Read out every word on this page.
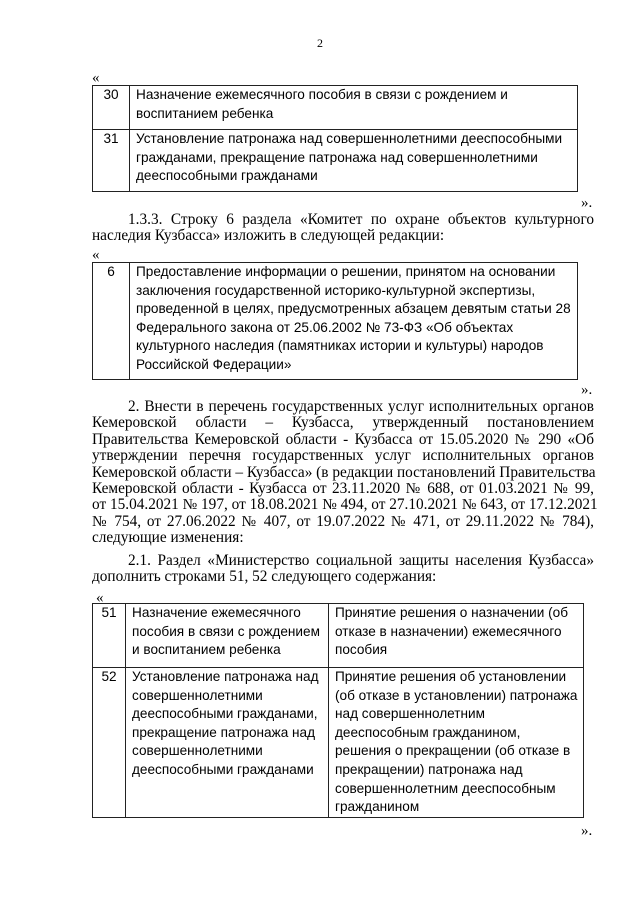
2
«
30	Назначение ежемесячного пособия в связи с рождением и воспитанием ребенка
31	Установление патронажа над совершеннолетними дееспособными гражданами, прекращение патронажа над совершеннолетними дееспособными гражданами
».
1.3.3. Строку 6 раздела «Комитет по охране объектов культурного
наследия Кузбасса» изложить в следующей редакции:
«
6	Предоставление информации о решении, принятом на основании заключения государственной историко-культурной экспертизы, проведенной в целях, предусмотренных абзацем девятым статьи 28 Федерального закона от 25.06.2002 № 73-ФЗ «Об объектах культурного наследия (памятниках истории и культуры) народов Российской Федерации»
».
2. Внести в перечень государственных услуг исполнительных органов
Кемеровской области – Кузбасса, утвержденный постановлением
Правительства Кемеровской области - Кузбасса от 15.05.2020 № 290 «Об
утверждении перечня государственных услуг исполнительных органов
Кемеровской области – Кузбасса» (в редакции постановлений Правительства
Кемеровской области - Кузбасса от 23.11.2020 № 688, от 01.03.2021 № 99,
от 15.04.2021 № 197, от 18.08.2021 № 494, от 27.10.2021 № 643, от 17.12.2021
№ 754, от 27.06.2022 № 407, от 19.07.2022 № 471, от 29.11.2022 № 784),
следующие изменения:
2.1. Раздел «Министерство социальной защиты населения Кузбасса»
дополнить строками 51, 52 следующего содержания:
«
51	Назначение ежемесячного пособия в связи с рождением и воспитанием ребенка	Принятие решения о назначении (об отказе в назначении) ежемесячного пособия
52	Установление патронажа над совершеннолетними дееспособными гражданами, прекращение патронажа над совершеннолетними дееспособными гражданами	Принятие решения об установлении (об отказе в установлении) патронажа над совершеннолетним дееспособным гражданином, решения о прекращении (об отказе в прекращении) патронажа над совершеннолетним дееспособным гражданином
».
